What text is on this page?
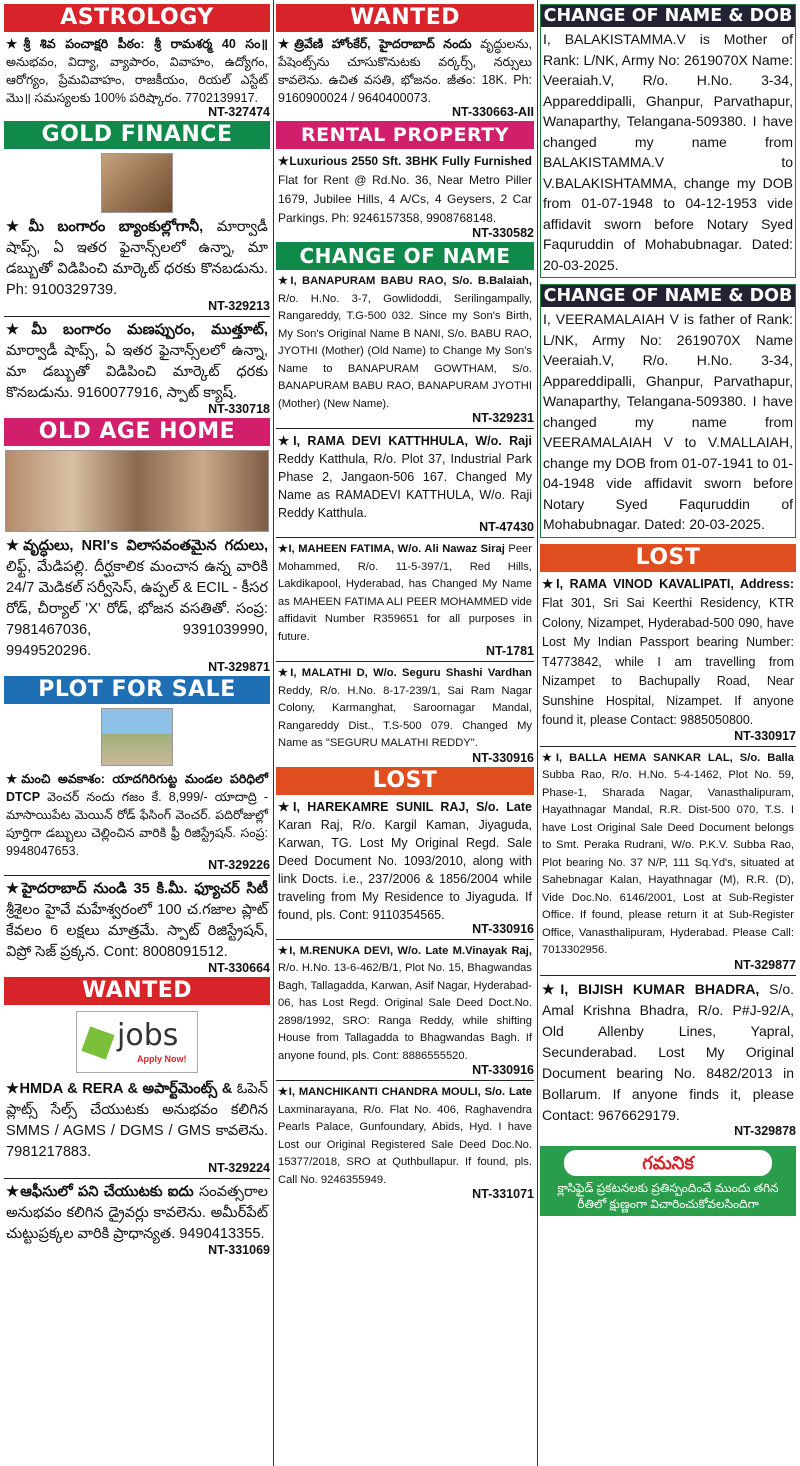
ASTROLOGY
★శ్రీ శివ పంచాక్షరి పీఠం: శ్రీ రామశర్మ 40 సం॥ అనుభవం, విద్యా, వ్యాపారం, వివాహం, ఉద్యోగం, ఆరోగ్యం, ప్రేమవివాహం, రాజకీయం, రియల్ ఎస్టేట్ మొ॥ సమస్యలకు 100% పరిష్కారం. 7702139917.
NT-327474
GOLD FINANCE
★మీ బంగారం బ్యాంకుల్లోగానీ, మార్వాడీ షాప్స్, ఏ ఇతర ఫైనాన్స్‌లలో ఉన్నా, మా డబ్బుతో విడిపించి మార్కెట్ ధరకు కొనబడును. Ph: 9100329739.
NT-329213
★మీ బంగారం మణప్పురం, ముత్తూట్, మార్వాడీ షాప్స్, ఏ ఇతర ఫైనాన్స్‌లలో ఉన్నా, మా డబ్బుతో విడిపించి మార్కెట్ ధరకు కొనబడును. 9160077916, స్పాట్ క్యాష్.
NT-330718
OLD AGE HOME
★వృద్ధులు, NRI's విలాసవంతమైన గదులు, లిఫ్ట్, మేడిపల్లి. దీర్ఘకాలిక మంచాన ఉన్న వారికి 24/7 మెడికల్ సర్వీసెస్, ఉప్పల్ & ECIL - కీసర రోడ్, చీర్యాల్ 'X' రోడ్, భోజన వసతితో. సంప్ర: 7981467036, 9391039990, 9949520296.
NT-329871
PLOT FOR SALE
★మంచి అవకాశం: యాదగిరిగుట్ట మండల పరిధిలో DTCP వెంచర్ నందు గజం కే. 8,999/- యాదాద్రి - మాసాయిపేట మెయిన్ రోడ్ ఫేసింగ్ వెంచర్. పదిరోజుల్లో పూర్తిగా డబ్బులు చెల్లించిన వారికి ఫ్రీ రిజిస్ట్రేషన్. సంప్ర: 9948047653.
NT-329226
★హైదరాబాద్ నుండి 35 కి.మీ. ఫ్యూచర్ సిటీ శ్రీశైలం హైవే మహేశ్వరంలో 100 చ.గజాల ప్లాట్ కేవలం 6 లక్షలు మాత్రమే. స్పాట్ రిజిస్ట్రేషన్, విప్రో సెజ్ ప్రక్కన. Cont: 8008091512.
NT-330664
WANTED
jobs
Apply Now!
★HMDA & RERA & అపార్ట్‌మెంట్స్ & ఓపెన్ ప్లాట్స్ సేల్స్ చేయుటకు అనుభవం కలిగిన SMMS / AGMS / DGMS / GMS కావలెను. 7981217883.
NT-329224
★ఆఫీసులో పని చేయుటకు ఐదు సంవత్సరాల అనుభవం కలిగిన డ్రైవర్లు కావలెను. అమీర్‌పేట్ చుట్టుప్రక్కల వారికి ప్రాధాన్యత. 9490413355.
NT-331069
WANTED
★త్రివేణి హోంకేర్, హైదరాబాద్ నందు వృద్ధులను, పేషెంట్స్‌ను చూసుకొనుటకు వర్కర్స్, నర్సులు కావలెను. ఉచిత వసతి, భోజనం. జీతం: 18K. Ph: 9160900024 / 9640400073.
NT-330663-AII
RENTAL PROPERTY
★Luxurious 2550 Sft. 3BHK Fully Furnished Flat for Rent @ Rd.No. 36, Near Metro Piller 1679, Jubilee Hills, 4 A/Cs, 4 Geysers, 2 Car Parkings. Ph: 9246157358, 9908768148.
NT-330582
CHANGE OF NAME
★I, BANAPURAM BABU RAO, S/o. B.Balaiah, R/o. H.No. 3-7, Gowlidoddi, Serilingampally, Rangareddy, T.G-500 032. Since my Son's Birth, My Son's Original Name B NANI, S/o. BABU RAO, JYOTHI (Mother) (Old Name) to Change My Son's Name to BANAPURAM GOWTHAM, S/o. BANAPURAM BABU RAO, BANAPURAM JYOTHI (Mother) (New Name).
NT-329231
★I, RAMA DEVI KATTHHULA, W/o. Raji Reddy Katthula, R/o. Plot 37, Industrial Park Phase 2, Jangaon-506 167. Changed My Name as RAMADEVI KATTHULA, W/o. Raji Reddy Katthula.
NT-47430
★I, MAHEEN FATIMA, W/o. Ali Nawaz Siraj Peer Mohammed, R/o. 11-5-397/1, Red Hills, Lakdikapool, Hyderabad, has Changed My Name as MAHEEN FATIMA ALI PEER MOHAMMED vide affidavit Number R359651 for all purposes in future.
NT-1781
★I, MALATHI D, W/o. Seguru Shashi Vardhan Reddy, R/o. H.No. 8-17-239/1, Sai Ram Nagar Colony, Karmanghat, Saroornagar Mandal, Rangareddy Dist., T.S-500 079. Changed My Name as "SEGURU MALATHI REDDY".
NT-330916
LOST
★I, HAREKAMRE SUNIL RAJ, S/o. Late Karan Raj, R/o. Kargil Kaman, Jiyaguda, Karwan, TG. Lost My Original Regd. Sale Deed Document No. 1093/2010, along with link Docts. i.e., 237/2006 & 1856/2004 while traveling from My Residence to Jiyaguda. If found, pls. Cont: 9110354565.
NT-330916
★I, M.RENUKA DEVI, W/o. Late M.Vinayak Raj, R/o. H.No. 13-6-462/B/1, Plot No. 15, Bhagwandas Bagh, Tallagadda, Karwan, Asif Nagar, Hyderabad-06, has Lost Regd. Original Sale Deed Doct.No. 2898/1992, SRO: Ranga Reddy, while shifting House from Tallagadda to Bhagwandas Bagh. If anyone found, pls. Cont: 8886555520.
NT-330916
★I, MANCHIKANTI CHANDRA MOULI, S/o. Late Laxminarayana, R/o. Flat No. 406, Raghavendra Pearls Palace, Gunfoundary, Abids, Hyd. I have Lost our Original Registered Sale Deed Doc.No. 15377/2018, SRO at Quthbullapur. If found, pls. Call No. 9246355949.
NT-331071
CHANGE OF NAME & DOB
I, BALAKISTAMMA.V is Mother of Rank: L/NK, Army No: 2619070X Name: Veeraiah.V, R/o. H.No. 3-34, Appareddipalli, Ghanpur, Parvathapur, Wanaparthy, Telangana-509380. I have changed my name from BALAKISTAMMA.V to V.BALAKISHTAMMA, change my DOB from 01-07-1948 to 04-12-1953 vide affidavit sworn before Notary Syed Faquruddin of Mohabubnagar. Dated: 20-03-2025.
CHANGE OF NAME & DOB
I, VEERAMALAIAH V is father of Rank: L/NK, Army No: 2619070X Name Veeraiah.V, R/o. H.No. 3-34, Appareddipalli, Ghanpur, Parvathapur, Wanaparthy, Telangana-509380. I have changed my name from VEERAMALAIAH V to V.MALLAIAH, change my DOB from 01-07-1941 to 01-04-1948 vide affidavit sworn before Notary Syed Faquruddin of Mohabubnagar. Dated: 20-03-2025.
LOST
★I, RAMA VINOD KAVALIPATI, Address: Flat 301, Sri Sai Keerthi Residency, KTR Colony, Nizampet, Hyderabad-500 090, have Lost My Indian Passport bearing Number: T4773842, while I am travelling from Nizampet to Bachupally Road, Near Sunshine Hospital, Nizampet. If anyone found it, please Contact: 9885050800.
NT-330917
★I, BALLA HEMA SANKAR LAL, S/o. Balla Subba Rao, R/o. H.No. 5-4-1462, Plot No. 59, Phase-1, Sharada Nagar, Vanasthalipuram, Hayathnagar Mandal, R.R. Dist-500 070, T.S. I have Lost Original Sale Deed Document belongs to Smt. Peraka Rudrani, W/o. P.K.V. Subba Rao, Plot bearing No. 37 N/P, 111 Sq.Yd's, situated at Sahebnagar Kalan, Hayathnagar (M), R.R. (D), Vide Doc.No. 6146/2001, Lost at Sub-Register Office. If found, please return it at Sub-Register Office, Vanasthalipuram, Hyderabad. Please Call: 7013302956.
NT-329877
★I, BIJISH KUMAR BHADRA, S/o. Amal Krishna Bhadra, R/o. P#J-92/A, Old Allenby Lines, Yapral, Secunderabad. Lost My Original Document bearing No. 8482/2013 in Bollarum. If anyone finds it, please Contact: 9676629179.
NT-329878
గమనిక
క్లాసిఫైడ్ ప్రకటనలకు ప్రతిస్పందించే ముందు తగిన రీతిలో క్షుణ్ణంగా విచారించుకోవలసిందిగా
